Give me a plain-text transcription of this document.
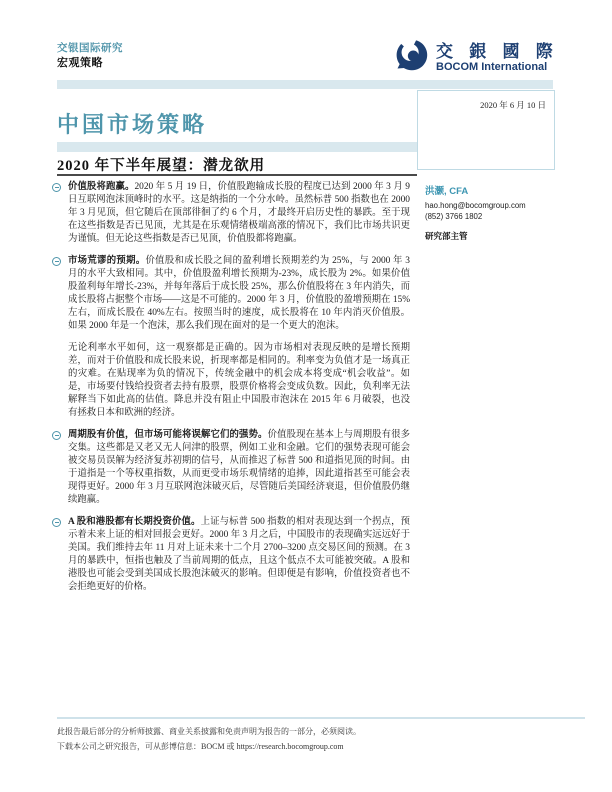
交银国际研究
宏观策略
交 銀 國 際
BOCOM International
2020 年 6 月 10 日
中国市场策略
2020 年下半年展望：潜龙欲用
价值股将跑赢。2020 年 5 月 19 日，价值股跑输成长股的程度已达到 2000 年 3 月 9 日互联网泡沫顶峰时的水平。这是纳指的一个分水岭。虽然标普 500 指数也在 2000 年 3 月见顶，但它随后在顶部徘徊了约 6 个月，才最终开启历史性的暴跌。至于现在这些指数是否已见顶，尤其是在乐观情绪极端高涨的情况下，我们比市场共识更为谨慎。但无论这些指数是否已见顶，价值股都将跑赢。
市场荒谬的预期。价值股和成长股之间的盈利增长预期差约为 25%，与 2000 年 3 月的水平大致相同。其中，价值股盈利增长预期为-23%，成长股为 2%。如果价值股盈利每年增长-23%，并每年落后于成长股 25%，那么价值股将在 3 年内消失，而成长股将占据整个市场——这是不可能的。2000 年 3 月，价值股的盈增预期在 15%左右，而成长股在 40%左右。按照当时的速度，成长股将在 10 年内消灭价值股。如果 2000 年是一个泡沫，那么我们现在面对的是一个更大的泡沫。
无论利率水平如何，这一观察都是正确的。因为市场相对表现反映的是增长预期差，而对于价值股和成长股来说，折现率都是相同的。利率变为负值才是一场真正的灾难。在贴现率为负的情况下，传统金融中的机会成本将变成“机会收益”。如是，市场要付钱给投资者去持有股票，股票价格将会变成负数。因此，负利率无法解释当下如此高的估值。降息并没有阻止中国股市泡沫在 2015 年 6 月破裂，也没有拯救日本和欧洲的经济。
周期股有价值，但市场可能将误解它们的强势。价值股现在基本上与周期股有很多交集。这些都是又老又无人问津的股票，例如工业和金融。它们的强势表现可能会被交易员误解为经济复苏初期的信号，从而推迟了标普 500 和道指见顶的时间。由于道指是一个等权重指数，从而更受市场乐观情绪的追捧，因此道指甚至可能会表现得更好。2000 年 3 月互联网泡沫破灭后，尽管随后美国经济衰退，但价值股仍继续跑赢。
A 股和港股都有长期投资价值。上证与标普 500 指数的相对表现达到一个拐点，预示着未来上证的相对回报会更好。2000 年 3 月之后，中国股市的表现确实远远好于美国。我们维持去年 11 月对上证未来十二个月 2700–3200 点交易区间的预测。在 3 月的暴跌中，恒指也触及了当前周期的低点，且这个低点不太可能被突破。A 股和港股也可能会受到美国成长股泡沫破灭的影响。但即便是有影响，价值投资者也不会拒绝更好的价格。
洪灏, CFA
hao.hong@bocomgroup.com
(852) 3766 1802
研究部主管
此报告最后部分的分析师披露、商业关系披露和免责声明为报告的一部分，必须阅读。
下载本公司之研究报告，可从彭博信息：BOCM 或 https://research.bocomgroup.com
